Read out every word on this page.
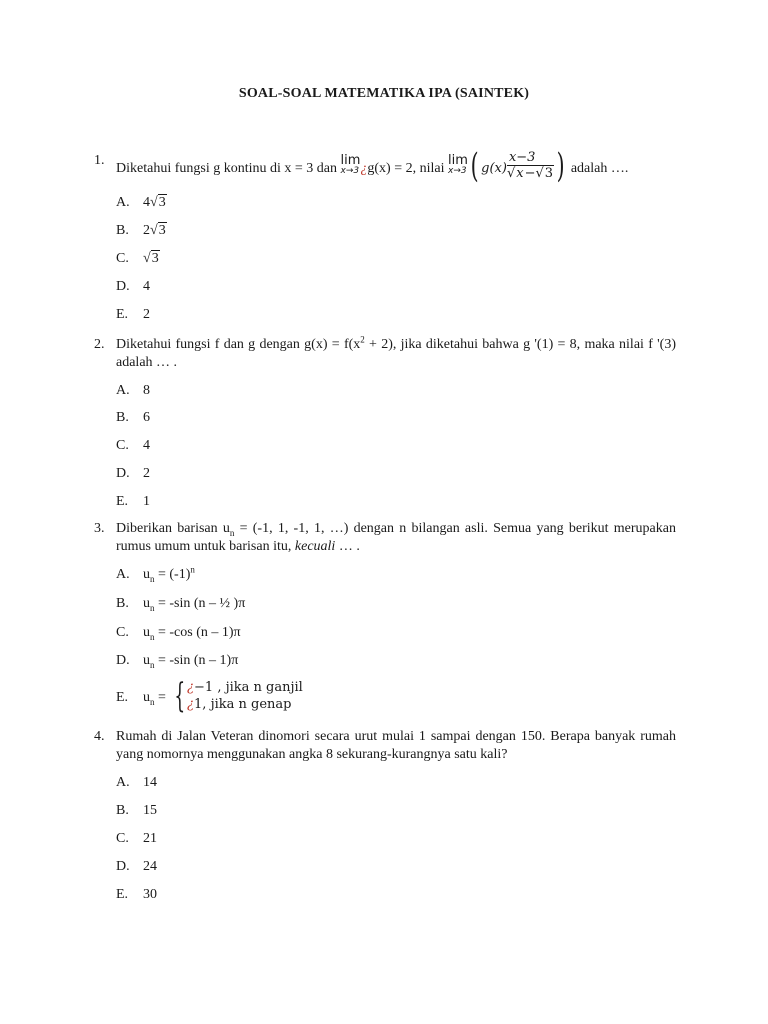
SOAL-SOAL MATEMATIKA IPA (SAINTEK)
1.
Diketahui fungsi g kontinu di x = 3 dan
lim
x→3 ¿g(x) = 2, nilai
lim
x→3 ( $g(x) \frac{x-3}{√x-√3}$ ) adalah ….
A. 4√3
B. 2√3
C. √3
D. 4
E. 2
2. Diketahui fungsi f dan g dengan $g(x) = f(x^2 + 2)$, jika diketahui bahwa g '(1) = 8, maka nilai f '(3) adalah … .
A. 8
B. 6
C. 4
D. 2
E. 1
3. Diberikan barisan $u_n = (-1$, 1, -1, 1, …) dengan n bilangan asli. Semua yang berikut merupakan rumus umum untuk barisan itu, kecuali … .
A. $u_n = (-1)^n$
B. $u_n = -\sin$ (n – ½ )π
C. $u_n = -\cos$ (n – 1)π
D. $u_n = -\sin$ (n – 1)π
E. $u_n$ = { ¿−1 , jika n ganjil
¿1, jika n genap
4. Rumah di Jalan Veteran dinomori secara urut mulai 1 sampai dengan 150. Berapa banyak rumah yang nomornya menggunakan angka 8 sekurang-kurangnya satu kali?
A. 14
B. 15
C. 21
D. 24
E. 30
